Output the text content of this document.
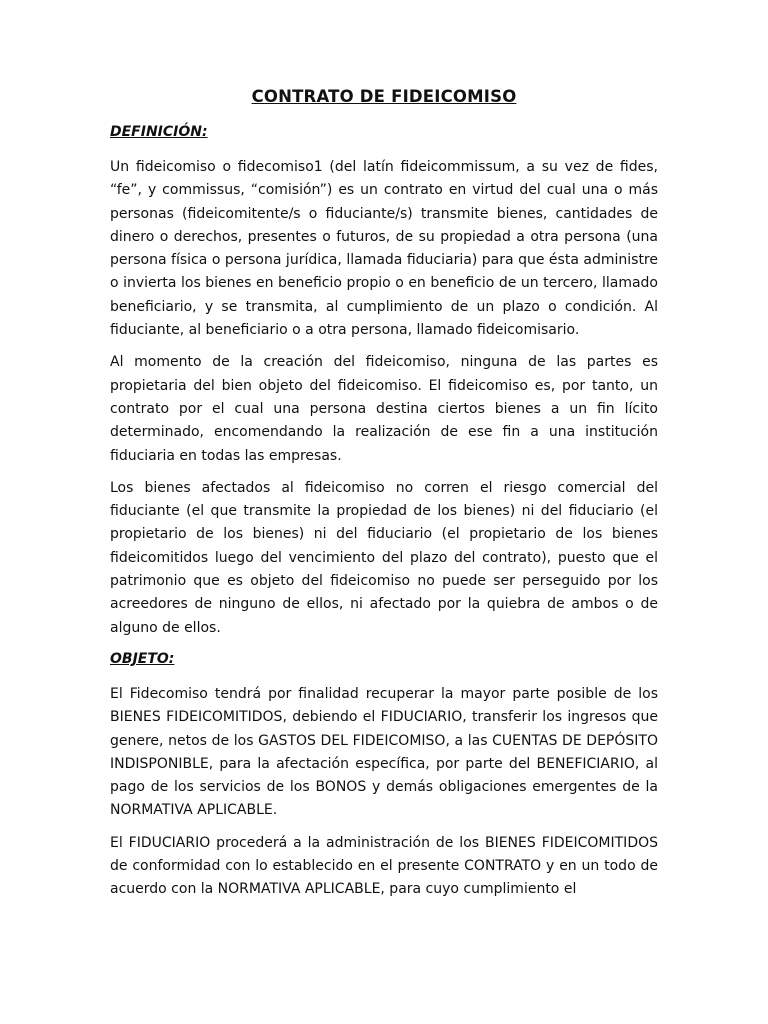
CONTRATO DE FIDEICOMISO
DEFINICIÓN:

Un fideicomiso o fidecomiso1 (del latín fideicommissum, a su vez de fides, “fe”, y commissus, “comisión”) es un contrato en virtud del cual una o más personas (fideicomitente/s o fiduciante/s) transmite bienes, cantidades de dinero o derechos, presentes o futuros, de su propiedad a otra persona (una persona física o persona jurídica, llamada fiduciaria) para que ésta administre o invierta los bienes en beneficio propio o en beneficio de un tercero, llamado beneficiario, y se transmita, al cumplimiento de un plazo o condición. Al fiduciante, al beneficiario o a otra persona, llamado fideicomisario.

Al momento de la creación del fideicomiso, ninguna de las partes es propietaria del bien objeto del fideicomiso. El fideicomiso es, por tanto, un contrato por el cual una persona destina ciertos bienes a un fin lícito determinado, encomendando la realización de ese fin a una institución fiduciaria en todas las empresas.

Los bienes afectados al fideicomiso no corren el riesgo comercial del fiduciante (el que transmite la propiedad de los bienes) ni del fiduciario (el propietario de los bienes) ni del fiduciario (el propietario de los bienes fideicomitidos luego del vencimiento del plazo del contrato), puesto que el patrimonio que es objeto del fideicomiso no puede ser perseguido por los acreedores de ninguno de ellos, ni afectado por la quiebra de ambos o de alguno de ellos.

OBJETO:

El Fidecomiso tendrá por finalidad recuperar la mayor parte posible de los BIENES FIDEICOMITIDOS, debiendo el FIDUCIARIO, transferir los ingresos que genere, netos de los GASTOS DEL FIDEICOMISO, a las CUENTAS DE DEPÓSITO INDISPONIBLE, para la afectación específica, por parte del BENEFICIARIO, al pago de los servicios de los BONOS y demás obligaciones emergentes de la NORMATIVA APLICABLE.

El FIDUCIARIO procederá a la administración de los BIENES FIDEICOMITIDOS de conformidad con lo establecido en el presente CONTRATO y en un todo de acuerdo con la NORMATIVA APLICABLE, para cuyo cumplimiento el
